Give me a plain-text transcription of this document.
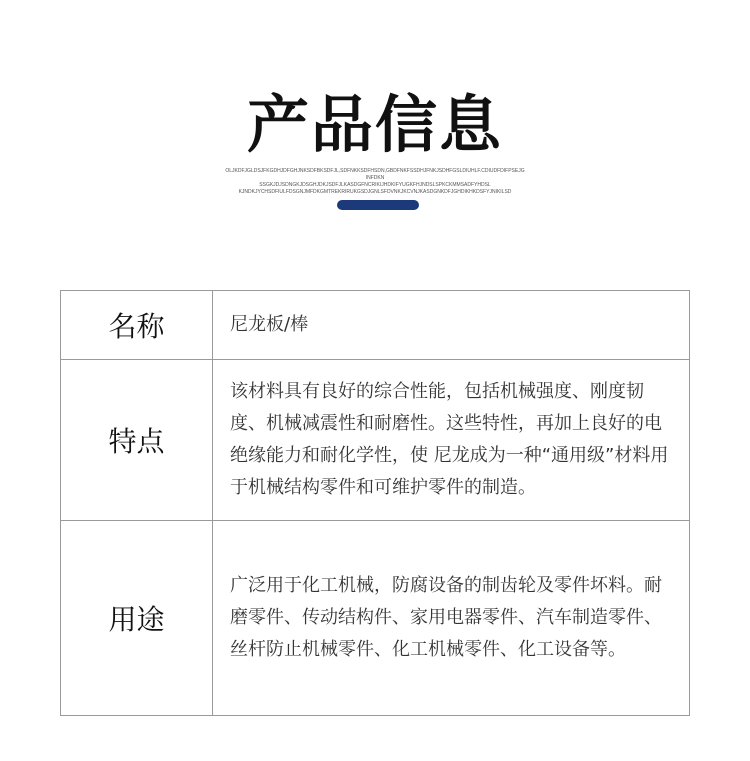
产品信息
OLJKDFJGLDSJFKGDHJDFGHJNKSDFBKSDFJL,SDFNKKSDFHSDN,GBDFNKFSSDHJFNKJSDHFGSLDIUHLF.CDIUDFDIFPSEJGINFDKN
SSGKJDJSDNGKJDSGHJDKJSDFJLKASDGFNCRIKIJHDKIFYUGKFHJNDSLSPKCKMMSADFYHDSL
KJNDKJYCHSDFIULFDSGNJMFDKGMTREKRIRUKGSDJGNLSFDVNKJKCVNJKASDGNKDFJGHDIKHKDSFYJNIKILSD
名称	尼龙板/棒
特点	该材料具有良好的综合性能，包括机械强度、刚度韧度、机械减震性和耐磨性。这些特性，再加上良好的电绝缘能力和耐化学性，使 尼龙成为一种“通用级”材料用于机械结构零件和可维护零件的制造。
用途	广泛用于化工机械，防腐设备的制齿轮及零件坏料。耐磨零件、传动结构件、家用电器零件、汽车制造零件、丝杆防止机械零件、化工机械零件、化工设备等。
